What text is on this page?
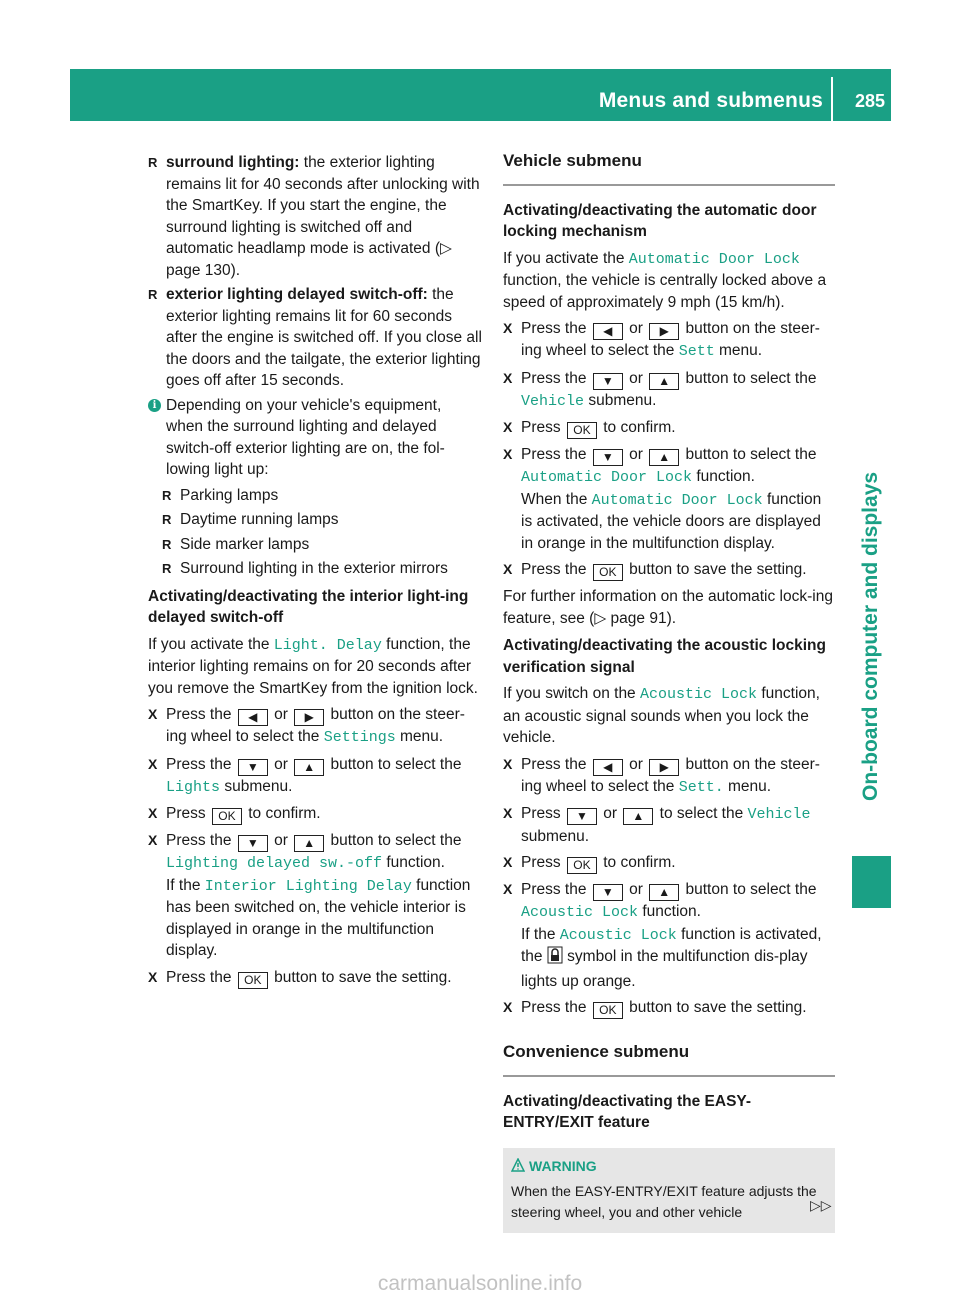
Menus and submenus 285
On-board computer and displays
R surround lighting: the exterior lighting remains lit for 40 seconds after unlocking with the SmartKey. If you start the engine, the surround lighting is switched off and automatic headlamp mode is activated (▷ page 130).
R exterior lighting delayed switch-off: the exterior lighting remains lit for 60 seconds after the engine is switched off. If you close all the doors and the tailgate, the exterior lighting goes off after 15 seconds.
i Depending on your vehicle's equipment, when the surround lighting and delayed switch-off exterior lighting are on, the fol-lowing light up:
R Parking lamps
R Daytime running lamps
R Side marker lamps
R Surround lighting in the exterior mirrors
Activating/deactivating the interior light-ing delayed switch-off

If you activate the Light. Delay function, the interior lighting remains on for 20 seconds after you remove the SmartKey from the ignition lock.

X Press the ◀ or ▶ button on the steer-ing wheel to select the Settings menu.
X Press the ▼ or ▲ button to select the Lights submenu.
X Press OK to confirm.
X Press the ▼ or ▲ button to select the Lighting delayed sw.-off function.
If the Interior Lighting Delay function has been switched on, the vehicle interior is displayed in orange in the multifunction display.
X Press the OK button to save the setting.
Vehicle submenu
Activating/deactivating the automatic door locking mechanism

If you activate the Automatic Door Lock function, the vehicle is centrally locked above a speed of approximately 9 mph (15 km/h).

X Press the ◀ or ▶ button on the steer-ing wheel to select the Sett menu.
X Press the ▼ or ▲ button to select the Vehicle submenu.
X Press OK to confirm.
X Press the ▼ or ▲ button to select the Automatic Door Lock function.
When the Automatic Door Lock function is activated, the vehicle doors are displayed in orange in the multifunction display.
X Press the OK button to save the setting.

For further information on the automatic lock-ing feature, see (▷ page 91).

Activating/deactivating the acoustic locking verification signal

If you switch on the Acoustic Lock function, an acoustic signal sounds when you lock the vehicle.

X Press the ◀ or ▶ button on the steer-ing wheel to select the Sett. menu.
X Press ▼ or ▲ to select the Vehicle submenu.
X Press OK to confirm.
X Press the ▼ or ▲ button to select the Acoustic Lock function.
If the Acoustic Lock function is activated, the  symbol in the multifunction dis-play lights up orange.
X Press the OK button to save the setting.
Convenience submenu
Activating/deactivating the EASY-ENTRY/EXIT feature
WARNING
When the EASY-ENTRY/EXIT feature adjusts the steering wheel, you and other vehicle	▷▷
carmanualsonline.info
